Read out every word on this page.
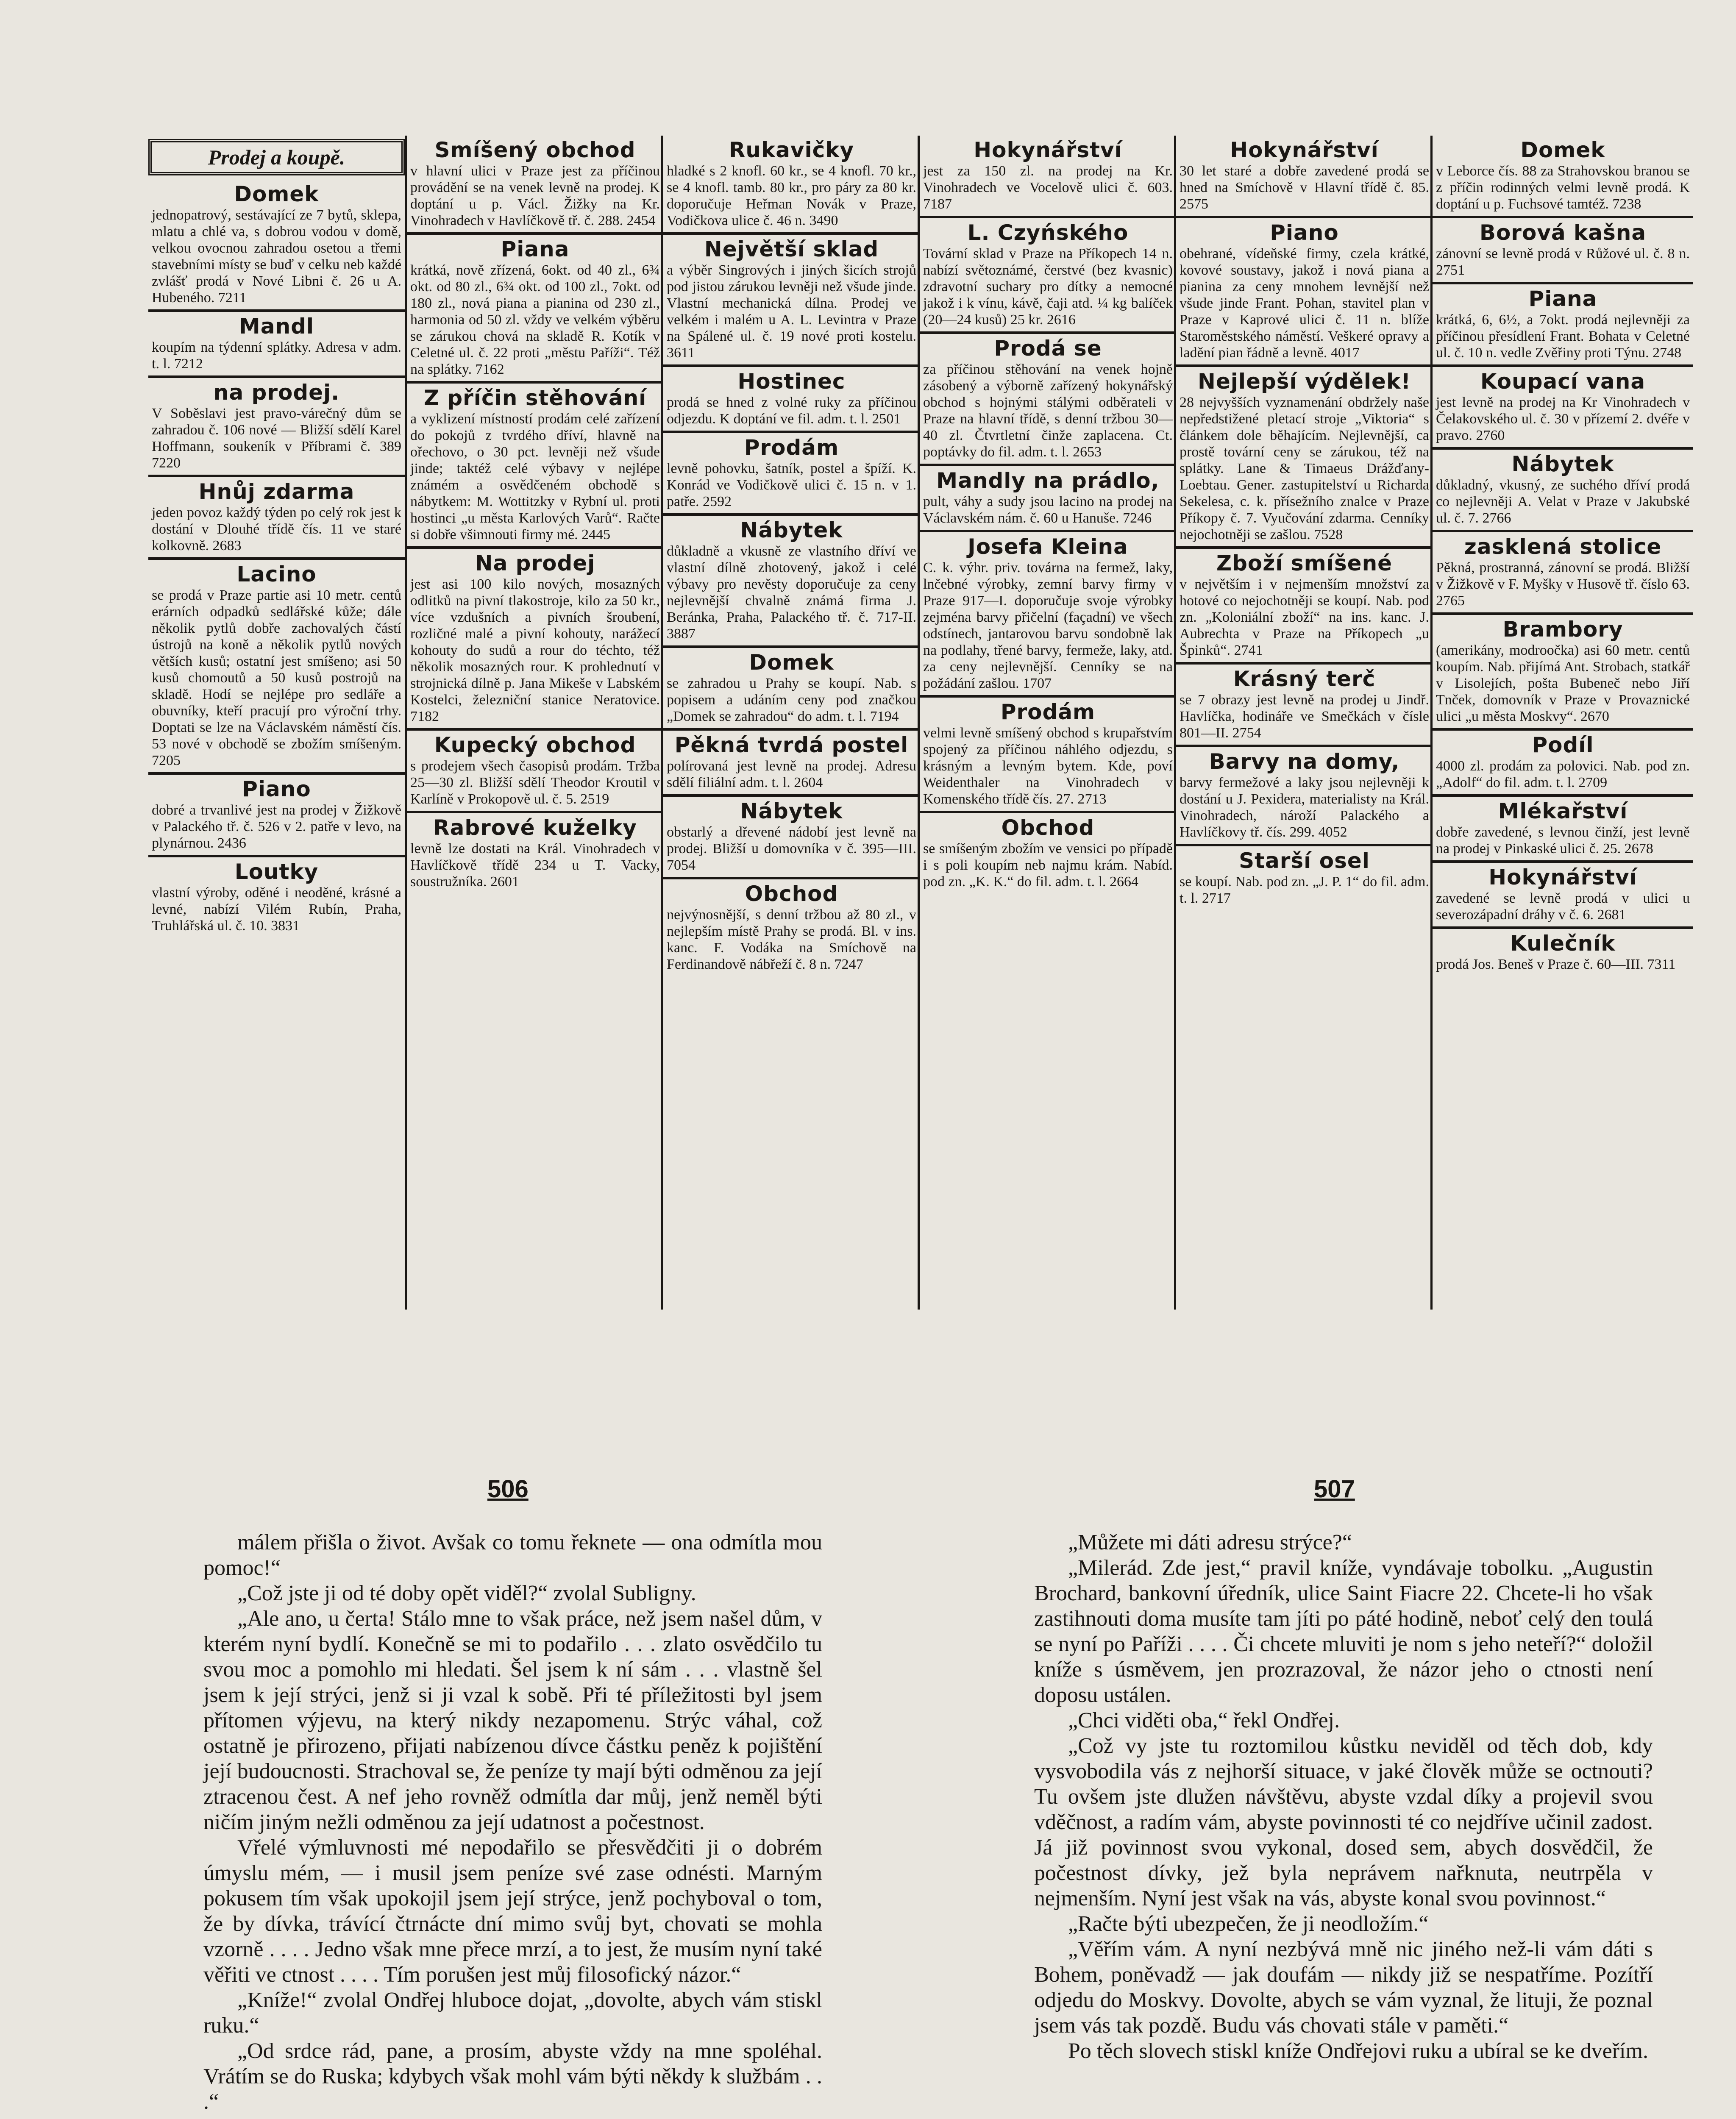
Prodej a koupě.
Domek
jednopatrový, sestávající ze 7 bytů, sklepa, mlatu a chlé va, s dobrou vodou v domě, velkou ovocnou zahradou osetou a třemi stavebními místy se buď v celku neb každé zvlášť prodá v Nové Libni č. 26 u A. Hubeného. 7211
Mandl
koupím na týdenní splátky. Adresa v adm. t. l. 7212
na prodej.
V Soběslavi jest pravo-várečný dům se zahradou č. 106 nové — Bližší sdělí Karel Hoffmann, soukeník v Příbrami č. 389 7220
Hnůj zdarma
jeden povoz každý týden po celý rok jest k dostání v Dlouhé třídě čís. 11 ve staré kolkovně. 2683
Lacino
se prodá v Praze partie asi 10 metr. centů erárních odpadků sedlářské kůže; dále několik pytlů dobře zachovalých částí ústrojů na koně a několik pytlů nových větších kusů; ostatní jest smíšeno; asi 50 kusů chomoutů a 50 kusů postrojů na skladě. Hodí se nejlépe pro sedláře a obuvníky, kteří pracují pro výroční trhy. Doptati se lze na Václavském náměstí čís. 53 nové v obchodě se zbožím smíšeným. 7205
Piano
dobré a trvanlivé jest na prodej v Žižkově v Palackého tř. č. 526 v 2. patře v levo, na plynárnou. 2436
Loutky
vlastní výroby, oděné i neoděné, krásné a levné, nabízí Vilém Rubín, Praha, Truhlářská ul. č. 10. 3831
Smíšený obchod
v hlavní ulici v Praze jest za příčinou provádění se na venek levně na prodej. K doptání u p. Václ. Žižky na Kr. Vinohradech v Havlíčkově tř. č. 288. 2454
Piana
krátká, nově zřízená, 6okt. od 40 zl., 6¾ okt. od 80 zl., 6¾ okt. od 100 zl., 7okt. od 180 zl., nová piana a pianina od 230 zl., harmonia od 50 zl. vždy ve velkém výběru se zárukou chová na skladě R. Kotík v Celetné ul. č. 22 proti „městu Paříži“. Též na splátky. 7162
Z příčin stěhování
a vyklizení místností prodám celé zařízení do pokojů z tvrdého dříví, hlavně na ořechovo, o 30 pct. levněji než všude jinde; taktéž celé výbavy v nejlépe známém a osvědčeném obchodě s nábytkem: M. Wottitzky v Rybní ul. proti hostinci „u města Karlových Varů“. Račte si dobře všimnouti firmy mé. 2445
Na prodej
jest asi 100 kilo nových, mosazných odlitků na pivní tlakostroje, kilo za 50 kr., více vzdušních a pivních šroubení, rozličné malé a pivní kohouty, narážecí kohouty do sudů a rour do téchto, též několik mosazných rour. K prohlednutí v strojnická dílně p. Jana Mikeše v Labském Kostelci, železniční stanice Neratovice. 7182
Kupecký obchod
s prodejem všech časopisů prodám. Tržba 25—30 zl. Bližší sdělí Theodor Kroutil v Karlíně v Prokopově ul. č. 5. 2519
Rabrové kuželky
levně lze dostati na Král. Vinohradech v Havlíčkově třídě 234 u T. Vacky, soustružníka. 2601
Rukavičky
hladké s 2 knofl. 60 kr., se 4 knofl. 70 kr., se 4 knofl. tamb. 80 kr., pro páry za 80 kr. doporučuje Heřman Novák v Praze, Vodičkova ulice č. 46 n. 3490
Největší sklad
a výběr Singrových i jiných šicích strojů pod jistou zárukou levněji než všude jinde. Vlastní mechanická dílna. Prodej ve velkém i malém u A. L. Levintra v Praze na Spálené ul. č. 19 nové proti kostelu. 3611
Hostinec
prodá se hned z volné ruky za příčinou odjezdu. K doptání ve fil. adm. t. l. 2501
Prodám
levně pohovku, šatník, postel a špíží. K. Konrád ve Vodičkově ulici č. 15 n. v 1. patře. 2592
Nábytek
důkladně a vkusně ze vlastního dříví ve vlastní dílně zhotovený, jakož i celé výbavy pro nevěsty doporučuje za ceny nejlevnější chvalně známá firma J. Beránka, Praha, Palackého tř. č. 717-II. 3887
Domek
se zahradou u Prahy se koupí. Nab. s popisem a udáním ceny pod značkou „Domek se zahradou“ do adm. t. l. 7194
Pěkná tvrdá postel
polírovaná jest levně na prodej. Adresu sdělí filiální adm. t. l. 2604
Nábytek
obstarlý a dřevené nádobí jest levně na prodej. Bližší u domovníka v č. 395—III. 7054
Obchod
nejvýnosnější, s denní tržbou až 80 zl., v nejlepším místě Prahy se prodá. Bl. v ins. kanc. F. Vodáka na Smíchově na Ferdinandově nábřeží č. 8 n. 7247
Hokynářství
jest za 150 zl. na prodej na Kr. Vinohradech ve Vocelově ulici č. 603. 7187
L. Czyńského
Tovární sklad v Praze na Příkopech 14 n. nabízí světoznámé, čerstvé (bez kvasnic) zdravotní suchary pro dítky a nemocné jakož i k vínu, kávě, čaji atd. ¼ kg balíček (20—24 kusů) 25 kr. 2616
Prodá se
za příčinou stěhování na venek hojně zásobený a výborně zařízený hokynářský obchod s hojnými stálými odběrateli v Praze na hlavní třídě, s denní tržbou 30—40 zl. Čtvrtletní činže zaplacena. Ct. poptávky do fil. adm. t. l. 2653
Mandly na prádlo,
pult, váhy a sudy jsou lacino na prodej na Václavském nám. č. 60 u Hanuše. 7246
Josefa Kleina
C. k. výhr. priv. továrna na fermež, laky, lnčebné výrobky, zemní barvy firmy v Praze 917—I. doporučuje svoje výrobky zejména barvy přičelní (façadní) ve všech odstínech, jantarovou barvu sondobně lak na podlahy, třené barvy, fermeže, laky, atd. za ceny nejlevnější. Cenníky se na požádání zašlou. 1707
Prodám
velmi levně smíšený obchod s krupařstvím spojený za příčinou náhlého odjezdu, s krásným a levným bytem. Kde, poví Weidenthaler na Vinohradech v Komenského třídě čís. 27. 2713
Obchod
se smíšeným zbožím ve vensici po případě i s poli koupím neb najmu krám. Nabíd. pod zn. „K. K.“ do fil. adm. t. l. 2664
Hokynářství
30 let staré a dobře zavedené prodá se hned na Smíchově v Hlavní třídě č. 85. 2575
Piano
obehrané, vídeňské firmy, czela krátké, kovové soustavy, jakož i nová piana a pianina za ceny mnohem levnější než všude jinde Frant. Pohan, stavitel plan v Praze v Kaprové ulici č. 11 n. blíže Staroměstského náměstí. Veškeré opravy a ladění pian řádně a levně. 4017
Nejlepší výdělek!
28 nejvyšších vyznamenání obdržely naše nepředstižené pletací stroje „Viktoria“ s článkem dole běhajícím. Nejlevnější, ca prostě tovární ceny se zárukou, též na splátky. Lane & Timaeus Drážďany-Loebtau. Gener. zastupitelství u Richarda Sekelesa, c. k. přísežního znalce v Praze Příkopy č. 7. Vyučování zdarma. Cenníky nejochotněji se zašlou. 7528
Zboží smíšené
v největším i v nejmenším množství za hotové co nejochotněji se koupí. Nab. pod zn. „Koloniální zboží“ na ins. kanc. J. Aubrechta v Praze na Příkopech „u Špinků“. 2741
Krásný terč
se 7 obrazy jest levně na prodej u Jindř. Havlíčka, hodináře ve Smečkách v čísle 801—II. 2754
Barvy na domy,
barvy fermežové a laky jsou nejlevněji k dostání u J. Pexidera, materialisty na Král. Vinohradech, nároží Palackého a Havlíčkovy tř. čís. 299. 4052
Starší osel
se koupí. Nab. pod zn. „J. P. 1“ do fil. adm. t. l. 2717
Domek
v Leborce čís. 88 za Strahovskou branou se z příčin rodinných velmi levně prodá. K doptání u p. Fuchsové tamtéž. 7238
Borová kašna
zánovní se levně prodá v Růžové ul. č. 8 n. 2751
Piana
krátká, 6, 6½, a 7okt. prodá nejlevněji za příčinou přesídlení Frant. Bohata v Celetné ul. č. 10 n. vedle Zvěřiny proti Týnu. 2748
Koupací vana
jest levně na prodej na Kr Vinohradech v Čelakovského ul. č. 30 v přízemí 2. dvéře v pravo. 2760
Nábytek
důkladný, vkusný, ze suchého dříví prodá co nejlevněji A. Velat v Praze v Jakubské ul. č. 7. 2766
zasklená stolice
Pěkná, prostranná, zánovní se prodá. Bližší v Žižkově v F. Myšky v Husově tř. číslo 63. 2765
Brambory
(amerikány, modroočka) asi 60 metr. centů koupím. Nab. přijímá Ant. Strobach, statkář v Lisolejích, pošta Bubeneč nebo Jiří Tnček, domovník v Praze v Provaznické ulici „u města Moskvy“. 2670
Podíl
4000 zl. prodám za polovici. Nab. pod zn. „Adolf“ do fil. adm. t. l. 2709
Mlékařství
dobře zavedené, s levnou činží, jest levně na prodej v Pinkaské ulici č. 25. 2678
Hokynářství
zavedené se levně prodá v ulici u severozápadní dráhy v č. 6. 2681
Kulečník
prodá Jos. Beneš v Praze č. 60—III. 7311
506	507

málem přišla o život. Avšak co tomu řeknete — ona odmítla mou pomoc!“

„Což jste ji od té doby opět viděl?“ zvolal Subligny.

„Ale ano, u čerta! Stálo mne to však práce, než jsem našel dům, v kterém nyní bydlí. Konečně se mi to podařilo . . . zlato osvědčilo tu svou moc a pomohlo mi hledati. Šel jsem k ní sám . . . vlastně šel jsem k její strýci, jenž si ji vzal k sobě. Při té příležitosti byl jsem přítomen výjevu, na který nikdy nezapomenu. Strýc váhal, což ostatně je přirozeno, přijati nabízenou dívce částku peněz k pojištění její budoucnosti. Strachoval se, že peníze ty mají býti odměnou za její ztracenou čest. A nef jeho rovněž odmítla dar můj, jenž neměl býti ničím jiným nežli odměnou za její udatnost a počestnost.

Vřelé výmluvnosti mé nepodařilo se přesvědčiti ji o dobrém úmyslu mém, — i musil jsem peníze své zase odnésti. Marným pokusem tím však upokojil jsem její strýce, jenž pochyboval o tom, že by dívka, trávící čtrnácte dní mimo svůj byt, chovati se mohla vzorně . . . . Jedno však mne přece mrzí, a to jest, že musím nyní také věřiti ve ctnost . . . . Tím porušen jest můj filosofický názor.“

„Kníže!“ zvolal Ondřej hluboce dojat, „dovolte, abych vám stiskl ruku.“

„Od srdce rád, pane, a prosím, abyste vždy na mne spoléhal. Vrátím se do Ruska; kdybych však mohl vám býti někdy k službám . . .“

„Můžete mi dáti adresu strýce?“

„Milerád. Zde jest,“ pravil kníže, vyndávaje tobolku. „Augustin Brochard, bankovní úředník, ulice Saint Fiacre 22. Chcete-li ho však zastihnouti doma musíte tam jíti po páté hodině, neboť celý den toulá se nyní po Paříži . . . . Či chcete mluviti je nom s jeho neteří?“ doložil kníže s úsměvem, jen prozrazoval, že názor jeho o ctnosti není doposu ustálen.

„Chci viděti oba,“ řekl Ondřej.

„Což vy jste tu roztomilou kůstku neviděl od těch dob, kdy vysvobodila vás z nejhorší situace, v jaké člověk může se octnouti? Tu ovšem jste dlužen návštěvu, abyste vzdal díky a projevil svou vděčnost, a radím vám, abyste povinnosti té co nejdříve učinil zadost. Já již povinnost svou vykonal, dosed sem, abych dosvědčil, že počestnost dívky, jež byla neprávem nařknuta, neutrpěla v nejmenším. Nyní jest však na vás, abyste konal svou povinnost.“

„Račte býti ubezpečen, že ji neodložím.“

„Věřím vám. A nyní nezbývá mně nic jiného než-li vám dáti s Bohem, poněvadž — jak doufám — nikdy již se nespatříme. Pozítří odjedu do Moskvy. Dovolte, abych se vám vyznal, že lituji, že poznal jsem vás tak pozdě. Budu vás chovati stále v paměti.“

Po těch slovech stiskl kníže Ondřejovi ruku a ubíral se ke dveřím.
